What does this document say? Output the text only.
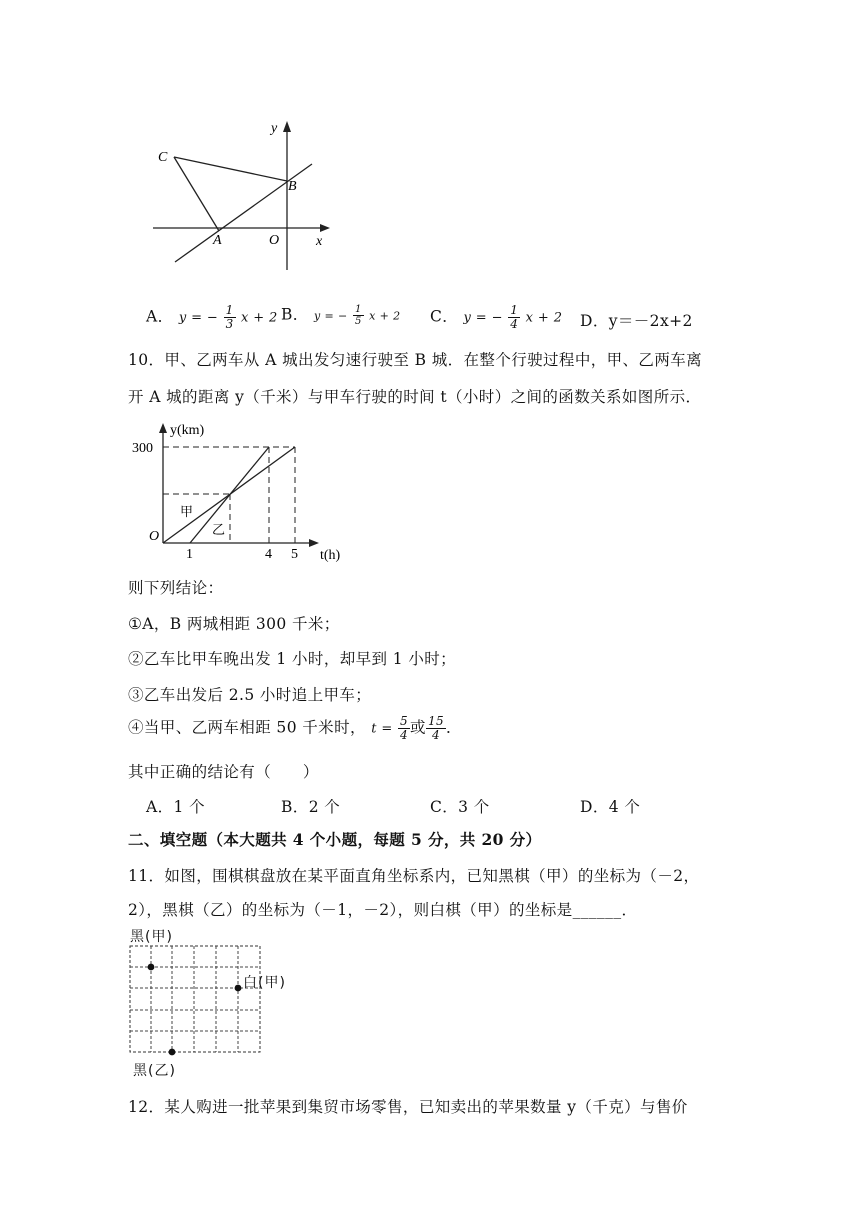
y
C
B
A	O	x
A． y = − $\frac{1}{3}$ x + 2 B． y = − $\frac{1}{5}$ x + 2 C． y = − $\frac{1}{4}$ x + 2 D．y＝－2x+2
10．甲、乙两车从 A 城出发匀速行驶至 B 城．在整个行驶过程中，甲、乙两车离
开 A 城的距离 y（千米）与甲车行驶的时间 t（小时）之间的函数关系如图所示．
y(km)
300
O
1	4 5 t(h)
甲
乙
则下列结论：
①A，B 两城相距 300 千米；
②乙车比甲车晚出发 1 小时，却早到 1 小时；
③乙车出发后 2.5 小时追上甲车；
④当甲、乙两车相距 50 千米时， $t = \frac{5}{4}$ 或 $\frac{15}{4}$ ．
其中正确的结论有（　　）
A．1 个	B．2 个	C．3 个	D．4 个
二、填空题（本大题共 4 个小题，每题 5 分，共 20 分）
11．如图，围棋棋盘放在某平面直角坐标系内，已知黑棋（甲）的坐标为（－2，
2），黑棋（乙）的坐标为（－1，－2），则白棋（甲）的坐标是______．
黑(甲)
白(甲)
黑(乙)
12．某人购进一批苹果到集贸市场零售，已知卖出的苹果数量 y（千克）与售价
